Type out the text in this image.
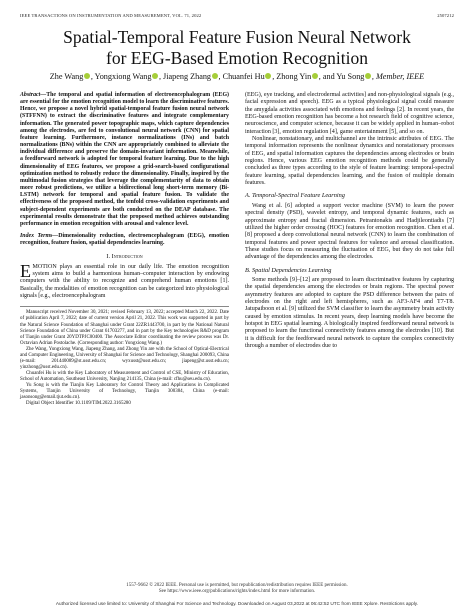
IEEE TRANSACTIONS ON INSTRUMENTATION AND MEASUREMENT, VOL. 71, 2022	2507212
Spatial-Temporal Feature Fusion Neural Network
for EEG-Based Emotion Recognition
Zhe Wang , Yongxiong Wang , Jiapeng Zhang , Chuanfei Hu , Zhong Yin , and Yu Song , Member, IEEE
Abstract—The temporal and spatial information of electroencephalogram (EEG) are essential for the emotion recognition model to learn the discriminative features. Hence, we propose a novel hybrid spatial-temporal feature fusion neural network (STFFNN) to extract the discriminative features and integrate complementary information. The generated power topographic maps, which capture dependencies among the electrodes, are fed to convolutional neural network (CNN) for spatial feature learning. Furthermore, instance normalizations (INs) and batch normalizations (BNs) within the CNN are appropriately combined to alleviate the individual difference and preserve the domain-invariant information. Meanwhile, a feedforward network is adopted for temporal feature learning. Due to the high dimensionality of EEG features, we propose a grid-search-based configurational optimization method to robustly reduce the dimensionality. Finally, inspired by the multimodal fusion strategies that leverage the complementarity of data to obtain more robust predictions, we utilize a bidirectional long short-term memory (Bi-LSTM) network for temporal and spatial feature fusion. To validate the effectiveness of the proposed method, the tenfold cross-validation experiments and subject-dependent experiments are both conducted on the DEAP database. The experimental results demonstrate that the proposed method achieves outstanding performance in emotion recognition with arousal and valence level.
Index Terms—Dimensionality reduction, electroencephalogram (EEG), emotion recognition, feature fusion, spatial dependencies learning.
I. Introduction
EMOTION plays an essential role in our daily life. The emotion recognition system aims to build a harmonious human–computer interaction by endowing computers with the ability to recognize and comprehend human emotions [1]. Basically, the modalities of emotion recognition can be categorized into physiological signals [e.g., electroencephalogram

Manuscript received November 30, 2021; revised February 13, 2022; accepted March 22, 2022. Date of publication April 7, 2022; date of current version April 21, 2022. This work was supported in part by the Natural Science Foundation of Shanghai under Grant 22ZR1443700, in part by the National Natural Science Foundation of China under Grant 61703277, and in part by the Key technologies R&D program of Tianjin under Grant 20YDTPJC00400. The Associate Editor coordinating the review process was Dr. Octavian Adrian Postolache. (Corresponding author: Yongxiong Wang.)

Zhe Wang, Yongxiong Wang, Jiapeng Zhang, and Zhong Yin are with the School of Optical-Electrical and Computer Engineering, University of Shanghai for Science and Technology, Shanghai 200093, China (e-mail: 201440089@st.usst.edu.cn; wyxusst@usst.edu.cn; jiapeng@st.usst.edu.cn; yinzhong@usst.edu.cn).

Chuanfei Hu is with the Key Laboratory of Measurement and Control of CSE, Ministry of Education, School of Automation, Southeast University, Nanjing 214135, China (e-mail: cfhu@seu.edu.cn).

Yu Song is with the Tianjin Key Laboratory for Control Theory and Applications in Complicated Systems, Tianjin University of Technology, Tianjin 300384, China (e-mail: jasonsong@email.tjut.edu.cn).

Digital Object Identifier 10.1109/TIM.2022.3165280

(EEG), eye tracking, and electrodermal activities] and non-physiological signals (e.g., facial expression and speech). EEG as a typical physiological signal could measure the amygdala activities associated with emotions and feelings [2]. In recent years, the EEG-based emotion recognition has become a hot research field of cognitive science, neuroscience, and computer science, because it can be widely applied in human–robot interaction [3], emotion regulation [4], game entertainment [5], and so on.

Nonlinear, nonstationary, and multichannel are the intrinsic attributes of EEG. The temporal information represents the nonlinear dynamics and nonstationary processes of EEG, and spatial information captures the dependencies among electrodes or brain regions. Hence, various EEG emotion recognition methods could be generally concluded as three types according to the style of feature learning: temporal-spectral feature learning, spatial dependencies learning, and the fusion of multiple domain features.

A. Temporal-Spectral Feature Learning

Wang et al. [6] adopted a support vector machine (SVM) to learn the power spectral density (PSD), wavelet entropy, and temporal dynamic features, such as approximate entropy and fractal dimension. Petrantonakis and Hadjileontiadis [7] utilized the higher order crossing (HOC) features for emotion recognition. Chen et al. [8] proposed a deep convolutional neural network (CNN) to learn the combination of temporal features and power spectral features for valence and arousal classification. These studies focus on measuring the fluctuation of EEG, but they do not take full advantage of the dependencies among the electrodes.

B. Spatial Dependencies Learning

Some methods [9]–[12] are proposed to learn discriminative features by capturing the spatial dependencies among the electrodes or brain regions. The spectral power asymmetry features are adopted to capture the PSD difference between the pairs of electrodes on the right and left hemispheres, such as AF3-AF4 and T7-T8. Jatupaiboon et al. [9] utilized the SVM classifier to learn the asymmetry brain activity caused by emotion stimulus. In recent years, deep learning models have become the hotspot in EEG spatial learning. A biologically inspired feedforward neural network is proposed to learn the functional connectivity features among the electrodes [10]. But it is difficult for the feedforward neural network to capture the complex connectivity through a number of electrodes due to

1557-9662 © 2022 IEEE. Personal use is permitted, but republication/redistribution requires IEEE permission.
See https://www.ieee.org/publications/rights/index.html for more information.
Authorized licensed use limited to: University of Shanghai For Science and Technology. Downloaded on August 03,2022 at 06:42:52 UTC from IEEE Xplore. Restrictions apply.
